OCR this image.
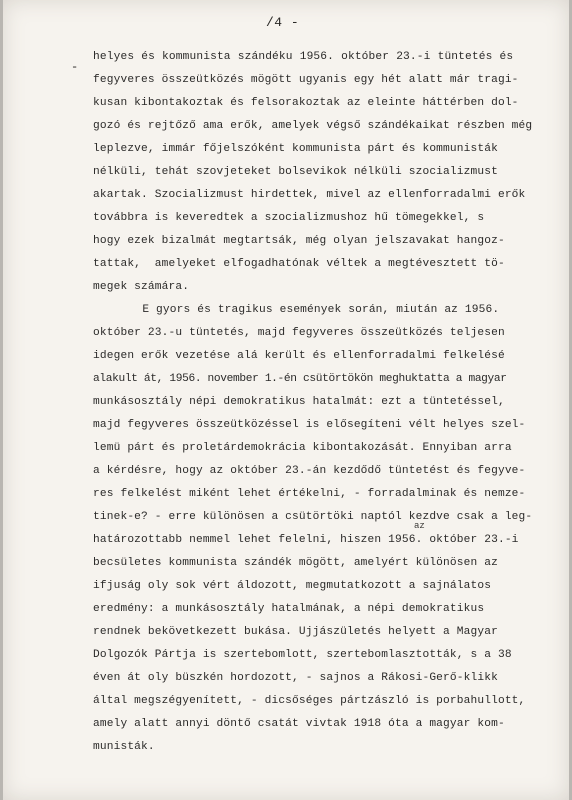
/4 -
-
helyes és kommunista szándéku 1956. október 23.-i tüntetés és
fegyveres összeütközés mögött ugyanis egy hét alatt már tragi-
kusan kibontakoztak és felsorakoztak az eleinte háttérben dol-
gozó és rejtőző ama erők, amelyek végső szándékaikat részben még
leplezve, immár főjelszóként kommunista párt és kommunisták
nélküli, tehát szovjeteket bolsevikok nélküli szocializmust
akartak. Szocializmust hirdettek, mivel az ellenforradalmi erők
továbbra is keveredtek a szocializmushoz hű tömegekkel, s
hogy ezek bizalmát megtartsák, még olyan jelszavakat hangoz-
tattak,  amelyeket elfogadhatónak véltek a megtévesztett tö-
megek számára.
E gyors és tragikus események során, miután az 1956.
október 23.-u tüntetés, majd fegyveres összeütközés teljesen
idegen erők vezetése alá került és ellenforradalmi felkelésé
alakult át, 1956. november 1.-én csütörtökön meghuktatta a magyar
munkásosztály népi demokratikus hatalmát: ezt a tüntetéssel,
majd fegyveres összeütközéssel is elősegíteni vélt helyes szel-
lemü párt és proletárdemokrácia kibontakozását. Ennyiban arra
a kérdésre, hogy az október 23.-án kezdődő tüntetést és fegyve-
res felkelést miként lehet értékelni, - forradalminak és nemze-
tinek-e? - erre különösen a csütörtöki naptól kezdve csak a leg-
az
határozottabb nemmel lehet felelni, hiszen 1956. október 23.-i
becsületes kommunista szándék mögött, amelyért különösen az
ifjuság oly sok vért áldozott, megmutatkozott a sajnálatos
eredmény: a munkásosztály hatalmának, a népi demokratikus
rendnek bekövetkezett bukása. Ujjászületés helyett a Magyar
Dolgozók Pártja is szertebomlott, szertebomlasztották, s a 38
éven át oly büszkén hordozott, - sajnos a Rákosi-Gerő-klikk
által megszégyenített, - dicsőséges pártzászló is porbahullott,
amely alatt annyi döntő csatát vivtak 1918 óta a magyar kom-
munisták.
